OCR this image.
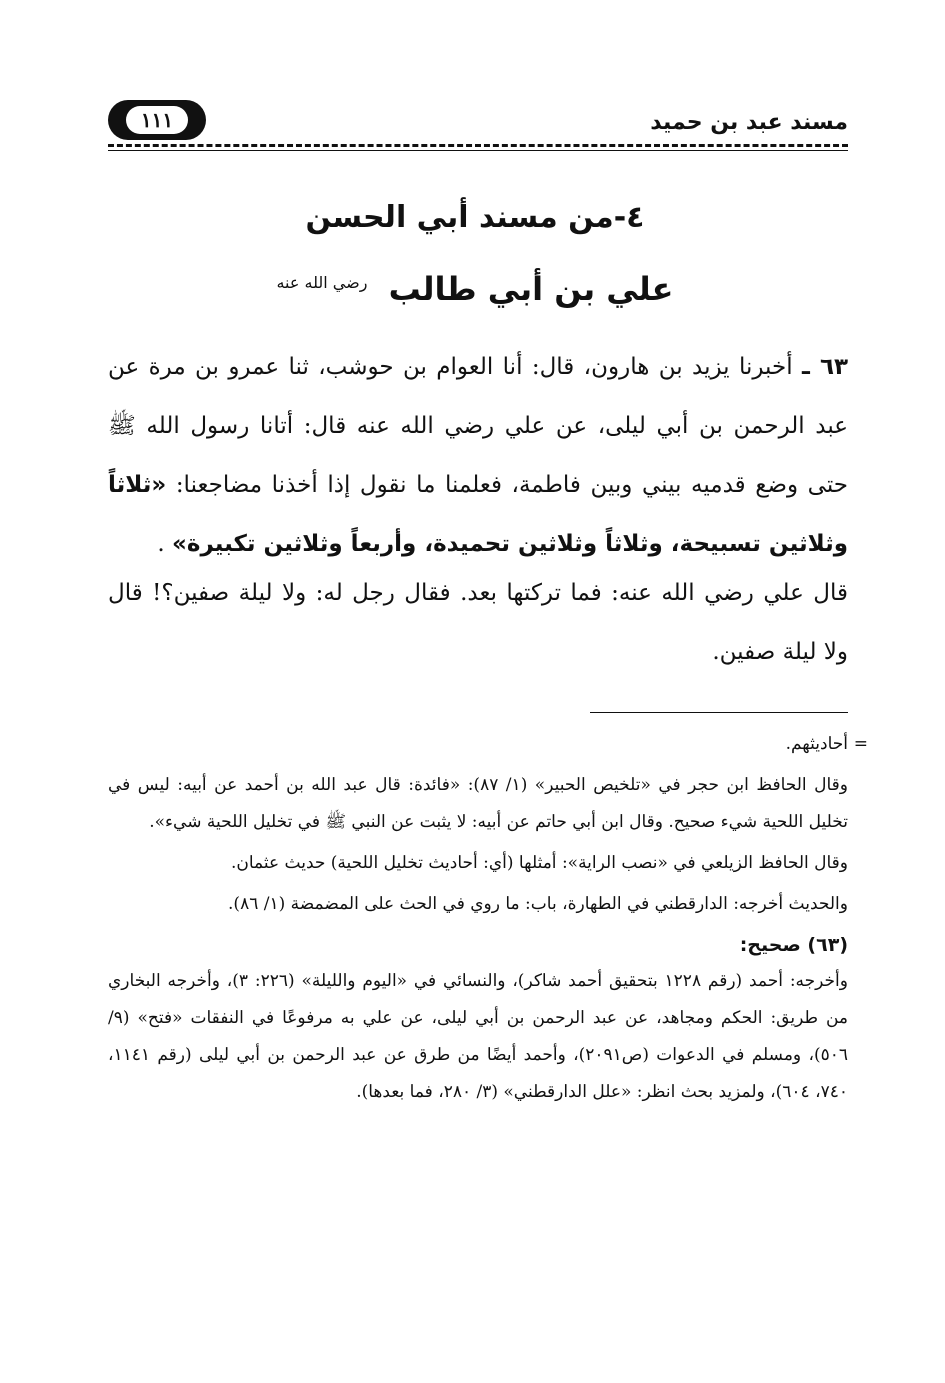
١١١	مسند عبد بن حميد
٤-من مسند أبي الحسن
علي بن أبي طالب $^{رضي الله عنه}$
٦٣ ـ أخبرنا يزيد بن هارون، قال: أنا العوام بن حوشب، ثنا عمرو بن مرة عن عبد الرحمن بن أبي ليلى، عن علي رضي الله عنه قال: أتانا رسول الله ﷺ حتى وضع قدميه بيني وبين فاطمة، فعلمنا ما نقول إذا أخذنا مضاجعنا: «ثلاثاً وثلاثين تسبيحة، وثلاثاً وثلاثين تحميدة، وأربعاً وثلاثين تكبيرة» .
قال علي رضي الله عنه: فما تركتها بعد. فقال رجل له: ولا ليلة صفين؟! قال ولا ليلة صفين.

=
أحاديثهم.

وقال الحافظ ابن حجر في «تلخيص الحبير» (١/ ٨٧): «فائدة: قال عبد الله بن أحمد عن أبيه: ليس في تخليل اللحية شيء صحيح. وقال ابن أبي حاتم عن أبيه: لا يثبت عن النبي ﷺ في تخليل اللحية شيء».

وقال الحافظ الزيلعي في «نصب الراية»: أمثلها (أي: أحاديث تخليل اللحية) حديث عثمان.

والحديث أخرجه: الدارقطني في الطهارة، باب: ما روي في الحث على المضمضة (١/ ٨٦).

(٦٣) صحيح:

وأخرجه: أحمد (رقم ١٢٢٨ بتحقيق أحمد شاكر)، والنسائي في «اليوم والليلة» (٢٢٦: ٣)، وأخرجه البخاري من طريق: الحكم ومجاهد، عن عبد الرحمن بن أبي ليلى، عن علي به مرفوعًا في النفقات «فتح» (٩/ ٥٠٦)، ومسلم في الدعوات (ص٢٠٩١)، وأحمد أيضًا من طرق عن عبد الرحمن بن أبي ليلى (رقم ١١٤١، ٧٤٠، ٦٠٤)، ولمزيد بحث انظر: «علل الدارقطني» (٣/ ٢٨٠، فما بعدها).
